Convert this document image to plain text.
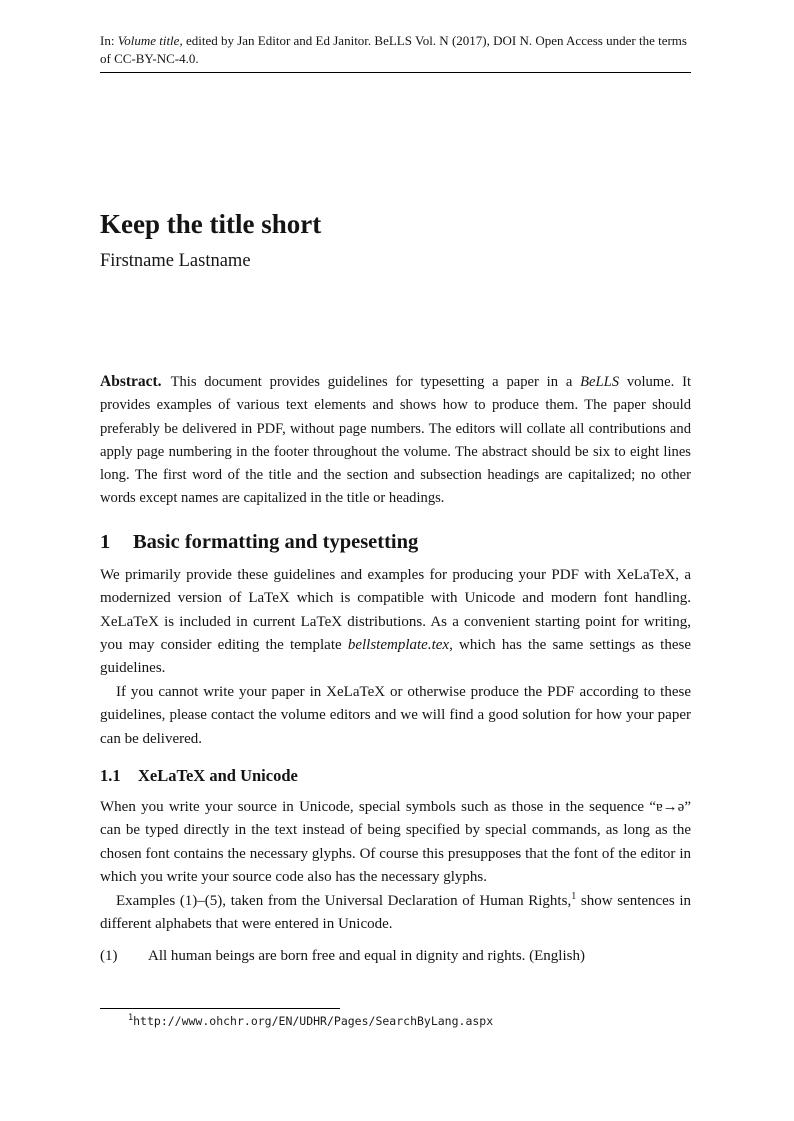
In: Volume title, edited by Jan Editor and Ed Janitor. BeLLS Vol. N (2017), DOI N. Open Access under the terms of CC-BY-NC-4.0.
Keep the title short
Firstname Lastname
Abstract. This document provides guidelines for typesetting a paper in a BeLLS volume. It provides examples of various text elements and shows how to produce them. The paper should preferably be delivered in PDF, without page numbers. The editors will collate all contributions and apply page numbering in the footer throughout the volume. The abstract should be six to eight lines long. The first word of the title and the section and subsection headings are capitalized; no other words except names are capitalized in the title or headings.
1 Basic formatting and typesetting

We primarily provide these guidelines and examples for producing your PDF with XeLaTeX, a modernized version of LaTeX which is compatible with Unicode and modern font handling. XeLaTeX is included in current LaTeX distributions. As a convenient starting point for writing, you may consider editing the template bellstemplate.tex, which has the same settings as these guidelines.

If you cannot write your paper in XeLaTeX or otherwise produce the PDF according to these guidelines, please contact the volume editors and we will find a good solution for how your paper can be delivered.

1.1 XeLaTeX and Unicode

When you write your source in Unicode, special symbols such as those in the sequence “ɐ→ə” can be typed directly in the text instead of being specified by special commands, as long as the chosen font contains the necessary glyphs. Of course this presupposes that the font of the editor in which you write your source code also has the necessary glyphs.

Examples (1)–(5), taken from the Universal Declaration of Human Rights,$^1$ show sentences in different alphabets that were entered in Unicode.

(1)	All human beings are born free and equal in dignity and rights. (English)
$^1$http://www.ohchr.org/EN/UDHR/Pages/SearchByLang.aspx
